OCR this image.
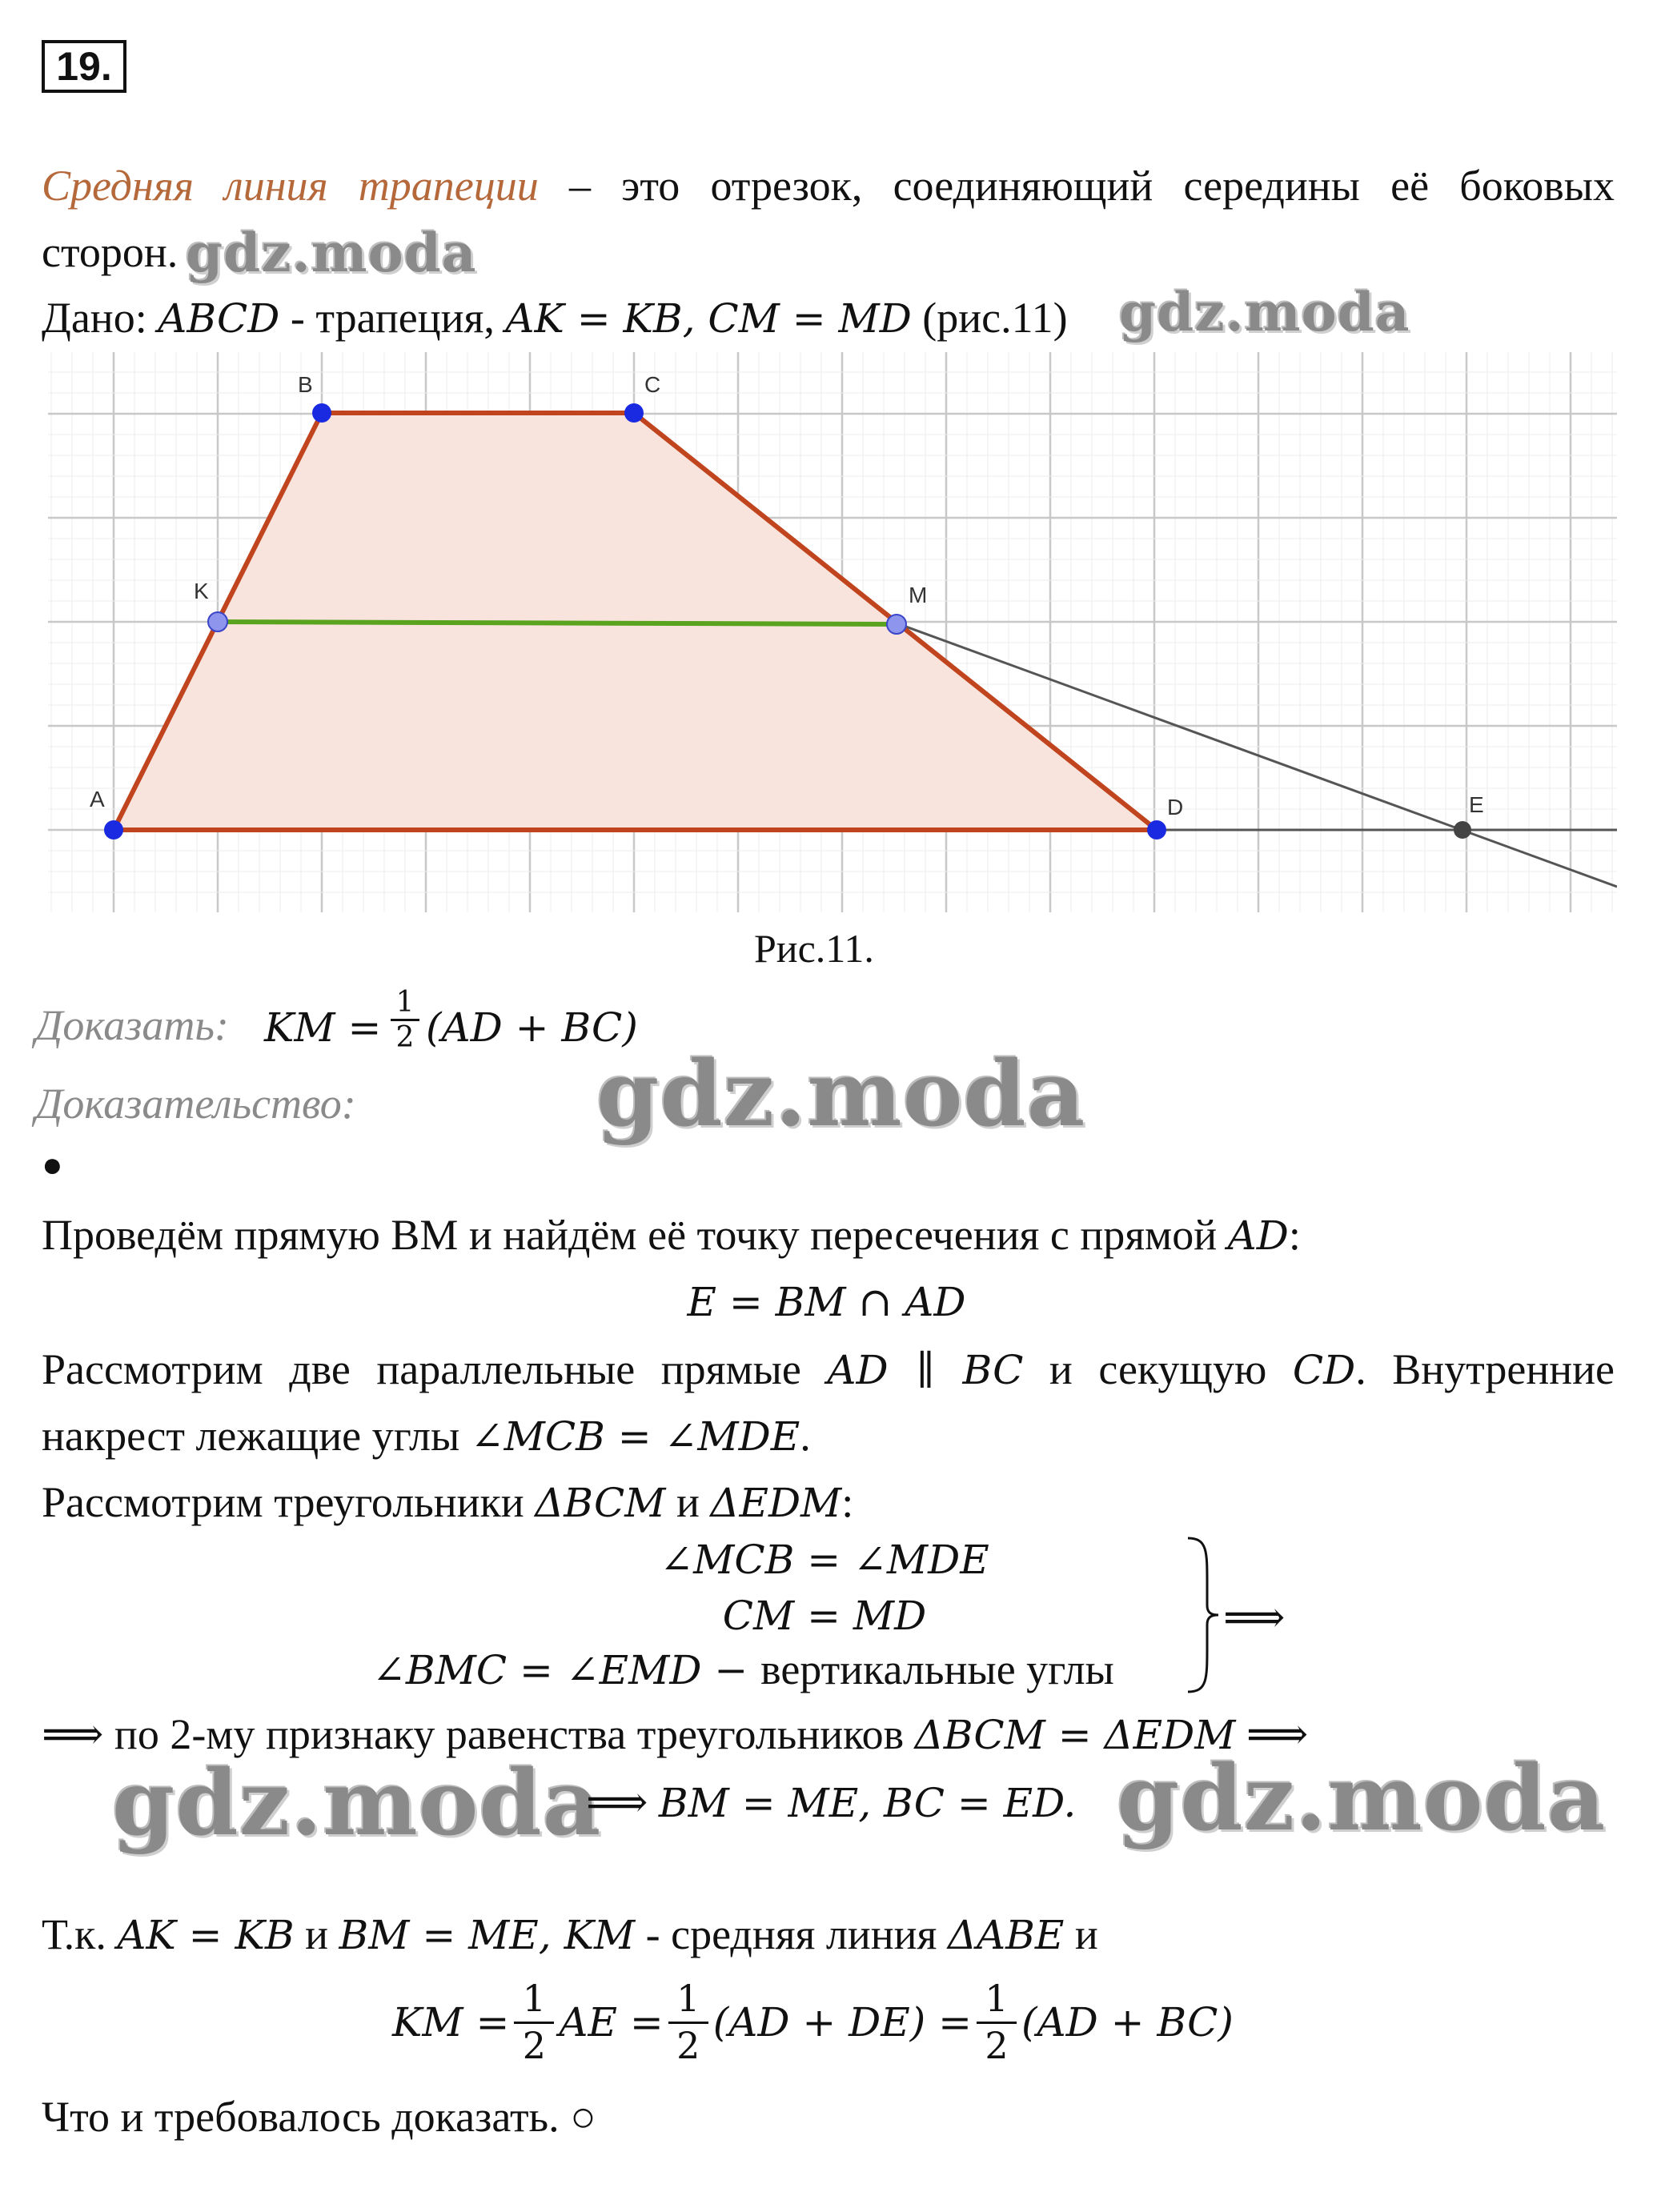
19.
Средняя линия трапеции – это отрезок, соединяющий середины её боковых
сторон. gdz.moda
Дано: ABCD - трапеция, AK = KB, CM = MD (рис.11) gdz.moda
A
B	C
D
K	M
E
Рис.11.
Доказать: KM = $\frac{1}{2} (AD + BC)$
Доказательство:	gdz.moda
●
Проведём прямую BM и найдём её точку пересечения с прямой AD:
E = BM ∩ AD
Рассмотрим две параллельные прямые AD ∥ BC и секущую CD. Внутренние
накрест лежащие углы ∠MCB = ∠MDE.
Рассмотрим треугольники ΔBCM и ΔEDM:
∠MCB = ∠MDE
CM = MD
∠BMC = ∠EMD − вертикальные углы
⟹
⟹ по 2-му признаку равенства треугольников ΔBCM = ΔEDM ⟹
gdz.moda
⟹ BM = ME, BC = ED. gdz.moda
Т.к. AK = KB и BM = ME, KM - средняя линия ΔABE и
KM = $\frac{1}{2}$ AE = $\frac{1}{2} (AD + DE) = \frac{1}{2} (AD + BC)$
Что и требовалось доказать. ○
